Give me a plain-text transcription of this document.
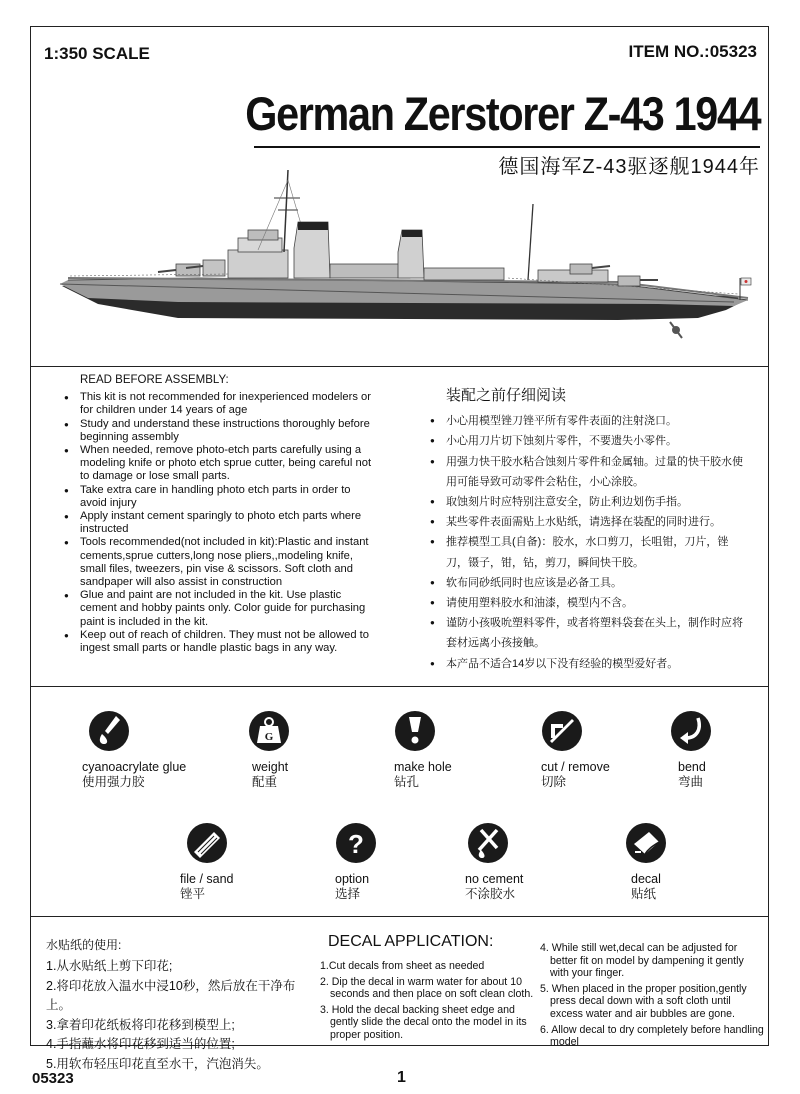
1:350 SCALE	ITEM NO.:05323
German Zerstorer Z-43 1944
德国海军Z-43驱逐舰1944年
READ BEFORE ASSEMBLY:
● This kit is not recommended for inexperienced modelers or for children under 14 years of age
● Study and understand these instructions thoroughly before beginning assembly
● When needed, remove photo-etch parts carefully using a modeling knife or photo etch sprue cutter, being careful not to damage or lose small parts.
● Take extra care in handling photo etch parts in order to avoid injury
● Apply instant cement sparingly to photo etch parts where instructed
● Tools recommended(not included in kit):Plastic and instant cements,sprue cutters,long nose pliers,,modeling knife, small files, tweezers, pin vise & scissors. Soft cloth and sandpaper will also assist in construction
● Glue and paint are not included in the kit. Use plastic cement and hobby paints only. Color guide for purchasing paint is included in the kit.
● Keep out of reach of children. They must not be allowed to ingest small parts or handle plastic bags in any way.
装配之前仔细阅读
● 小心用模型锉刀锉平所有零件表面的注射浇口。
● 小心用刀片切下蚀刻片零件，不要遗失小零件。
● 用强力快干胶水粘合蚀刻片零件和金属轴。过量的快干胶水使用可能导致可动零件会粘住，小心涂胶。
● 取蚀刻片时应特别注意安全，防止利边划伤手指。
● 某些零件表面需贴上水贴纸，请选择在装配的同时进行。
● 推荐模型工具(自备)：胶水，水口剪刀，长咀钳，刀片，锉刀，镊子，钳，钻，剪刀，瞬间快干胶。
● 软布同砂纸同时也应该是必备工具。
● 请使用塑料胶水和油漆，模型内不含。
● 谨防小孩吸吮塑料零件，或者将塑料袋套在头上，制作时应将套材远离小孩接触。
● 本产品不适合14岁以下没有经验的模型爱好者。
cyanoacrylate glue
使用强力胶
G
weight
配重
make hole
钻孔
cut / remove
切除
bend
弯曲
file / sand
锉平
?
option
选择
no cement
不涂胶水
decal
贴纸
水贴纸的使用:
1.从水贴纸上剪下印花;
2.将印花放入温水中浸10秒，然后放在干净布上。
3.拿着印花纸板将印花移到模型上;
4.手指蘸水将印花移到适当的位置;
5.用软布轻压印花直至水干，汽泡消失。
DECAL APPLICATION:

1.Cut decals from sheet as needed

2. Dip the decal in warm water for about 10 seconds and then place on soft clean cloth.

3. Hold the decal backing sheet edge and gently slide the decal onto the model in its proper position.

4. While still wet,decal can be adjusted for better fit on model by dampening it gently with your finger.

5. When placed in the proper position,gently press decal down with a soft cloth until excess water and air bubbles are gone.

6. Allow decal to dry completely before handling model

05323	1
